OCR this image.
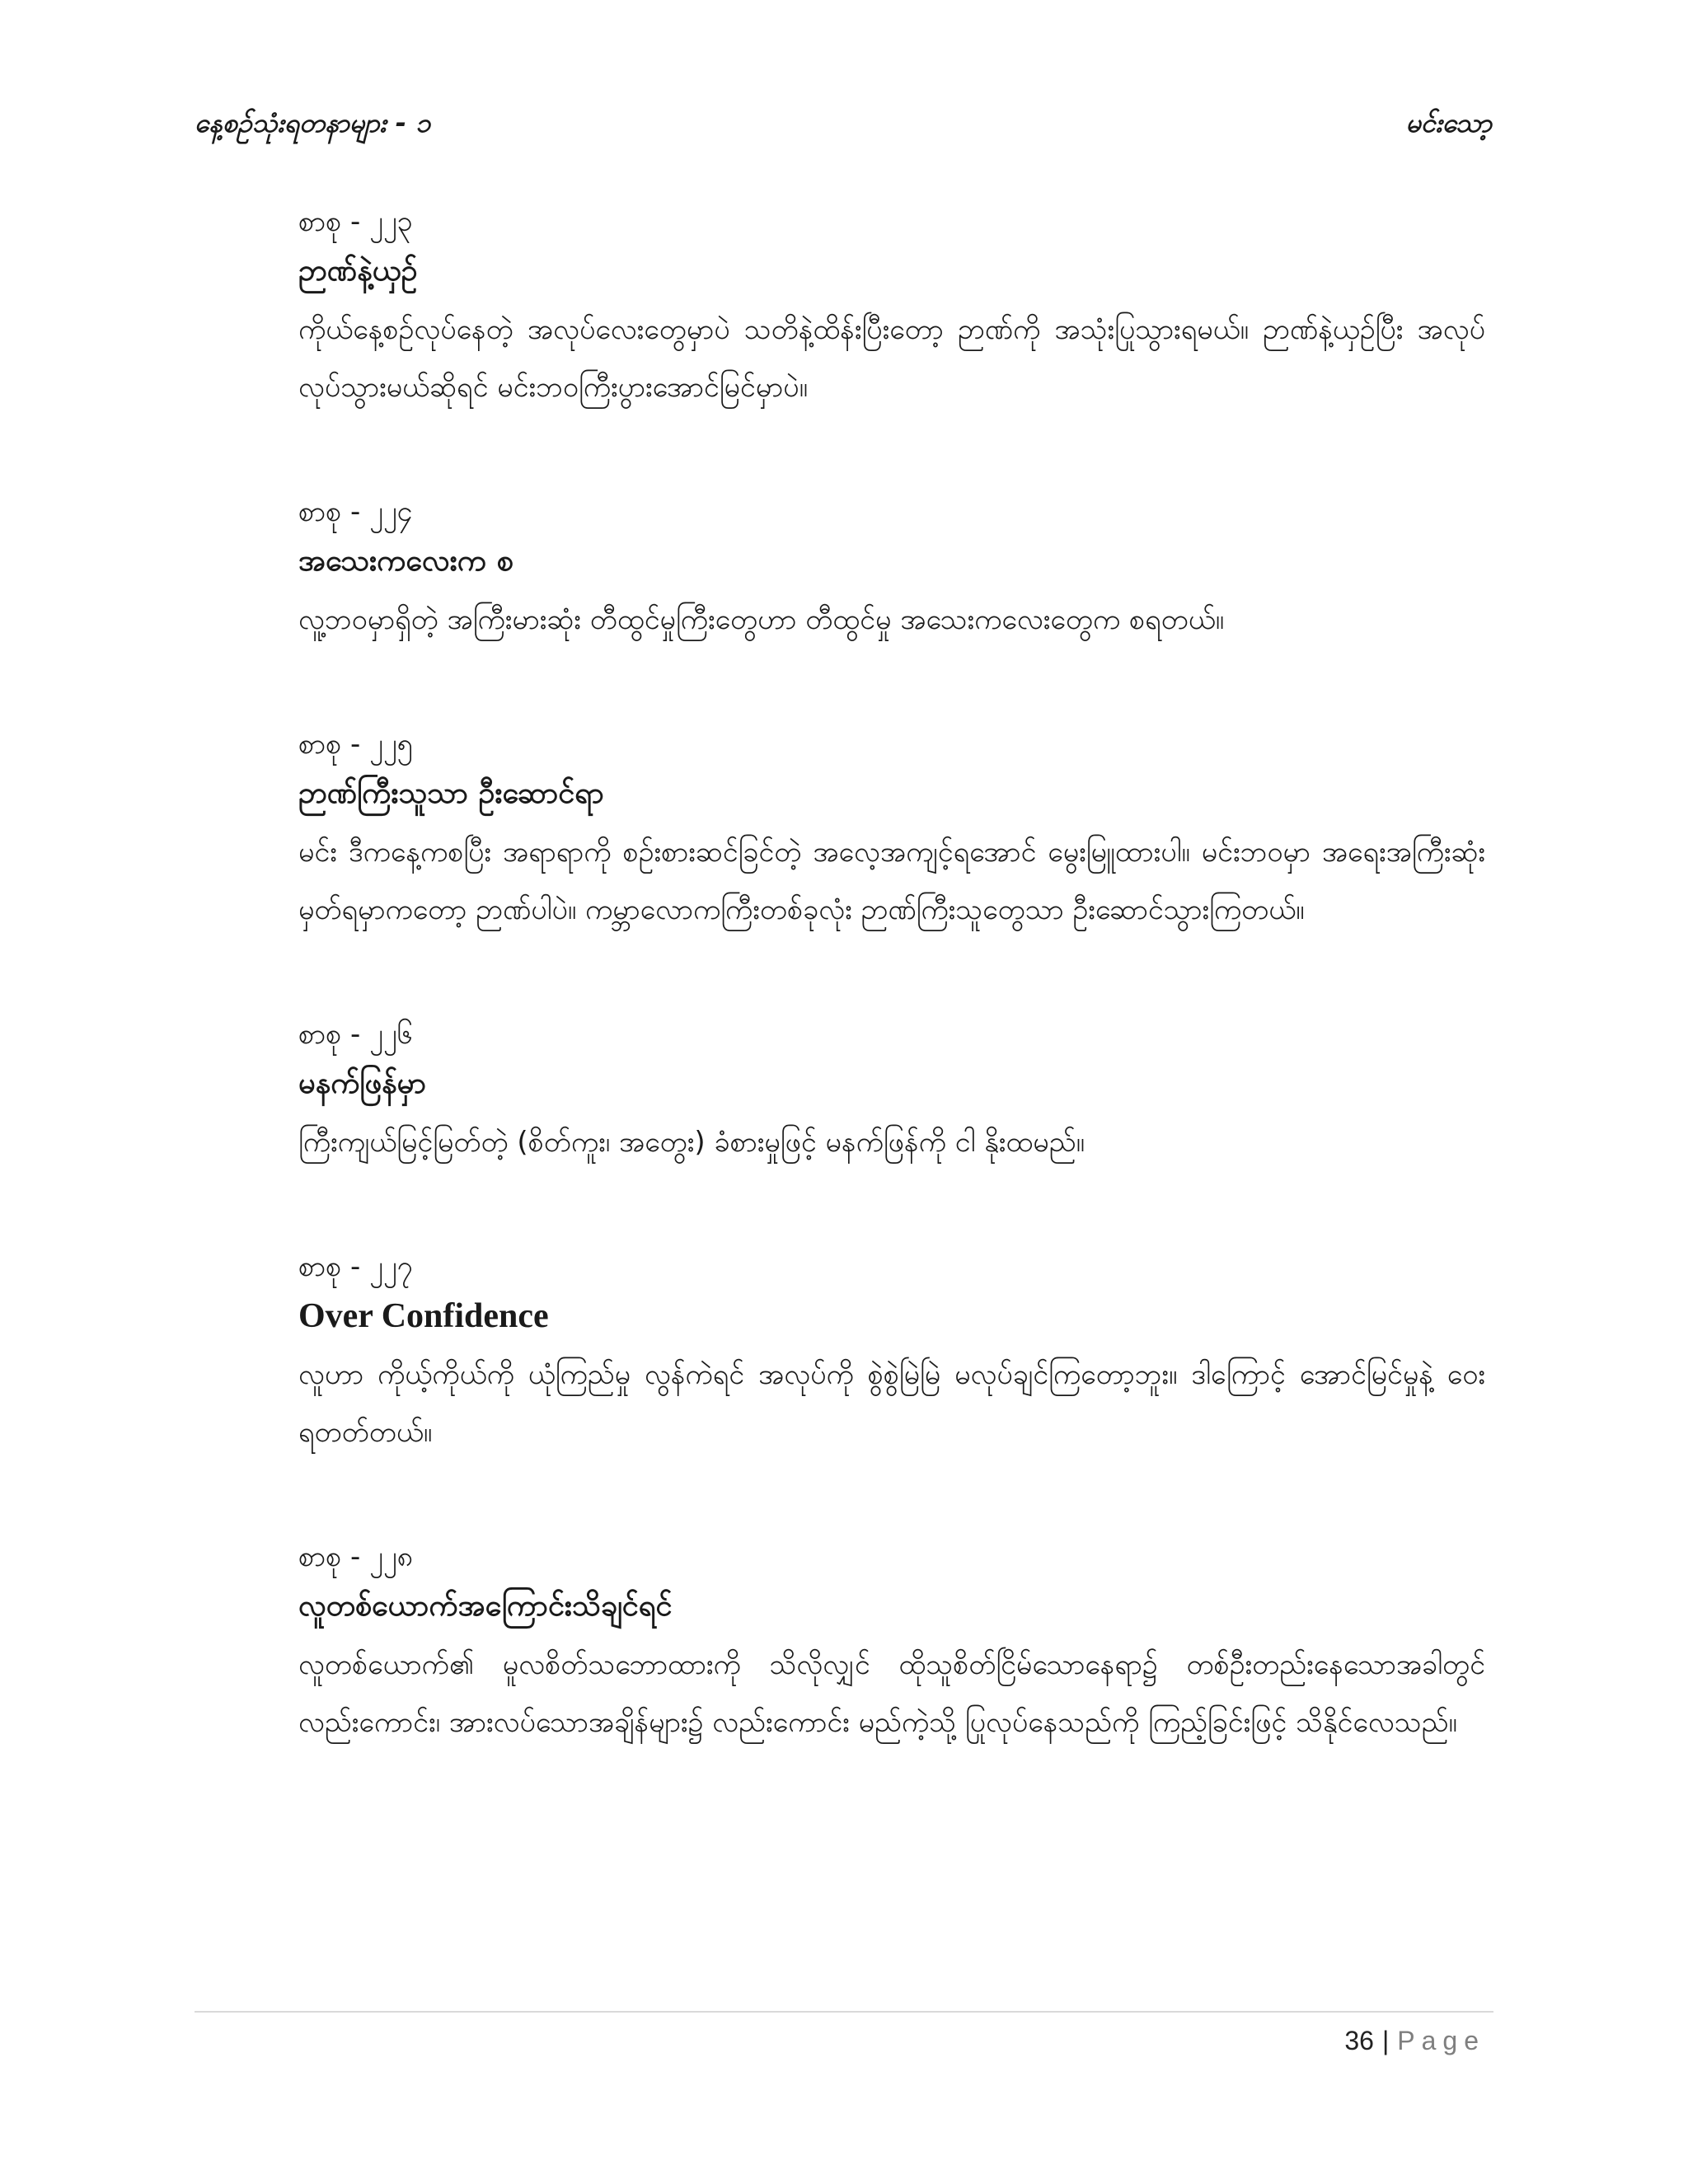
နေ့စဉ်သုံးရတနာများ - ၁	မင်းသော့
စာစု - ၂၂၃
ဉာဏ်နဲ့ယှဉ်
ကိုယ်နေ့စဉ်လုပ်နေတဲ့ အလုပ်လေးတွေမှာပဲ သတိနဲ့ထိန်းပြီးတော့ ဉာဏ်ကို အသုံးပြုသွားရမယ်။ ဉာဏ်နဲ့ယှဉ်ပြီး အလုပ်လုပ်သွားမယ်ဆိုရင် မင်းဘဝကြီးပွားအောင်မြင်မှာပဲ။
စာစု - ၂၂၄
အသေးကလေးက စ
လူ့ဘဝမှာရှိတဲ့ အကြီးမားဆုံး တီထွင်မှုကြီးတွေဟာ တီထွင်မှု အသေးကလေးတွေက စရတယ်။
စာစု - ၂၂၅
ဉာဏ်ကြီးသူသာ ဦးဆောင်ရာ
မင်း ဒီကနေ့ကစပြီး အရာရာကို စဉ်းစားဆင်ခြင်တဲ့ အလေ့အကျင့်ရအောင် မွေးမြူထားပါ။ မင်းဘဝမှာ အရေးအကြီးဆုံး မှတ်ရမှာကတော့ ဉာဏ်ပါပဲ။ ကမ္ဘာလောကကြီးတစ်ခုလုံး ဉာဏ်ကြီးသူတွေသာ ဦးဆောင်သွားကြတယ်။
စာစု - ၂၂၆
မနက်ဖြန်မှာ
ကြီးကျယ်မြင့်မြတ်တဲ့ (စိတ်ကူး၊ အတွေး) ခံစားမှုဖြင့် မနက်ဖြန်ကို ငါ နိုးထမည်။
စာစု - ၂၂၇
Over Confidence
လူဟာ ကိုယ့်ကိုယ်ကို ယုံကြည်မှု လွန်ကဲရင် အလုပ်ကို စွဲစွဲမြဲမြဲ မလုပ်ချင်ကြတော့ဘူး။ ဒါကြောင့် အောင်မြင်မှုနဲ့ ဝေးရတတ်တယ်။
စာစု - ၂၂၈
လူတစ်ယောက်အကြောင်းသိချင်ရင်
လူတစ်ယောက်၏ မူလစိတ်သဘောထားကို သိလိုလျှင် ထိုသူစိတ်ငြိမ်သောနေရာ၌ တစ်ဦးတည်းနေသောအခါတွင် လည်းကောင်း၊ အားလပ်သောအချိန်များ၌ လည်းကောင်း မည်ကဲ့သို့ ပြုလုပ်နေသည်ကို ကြည့်ခြင်းဖြင့် သိနိုင်လေသည်။
36 | Page
